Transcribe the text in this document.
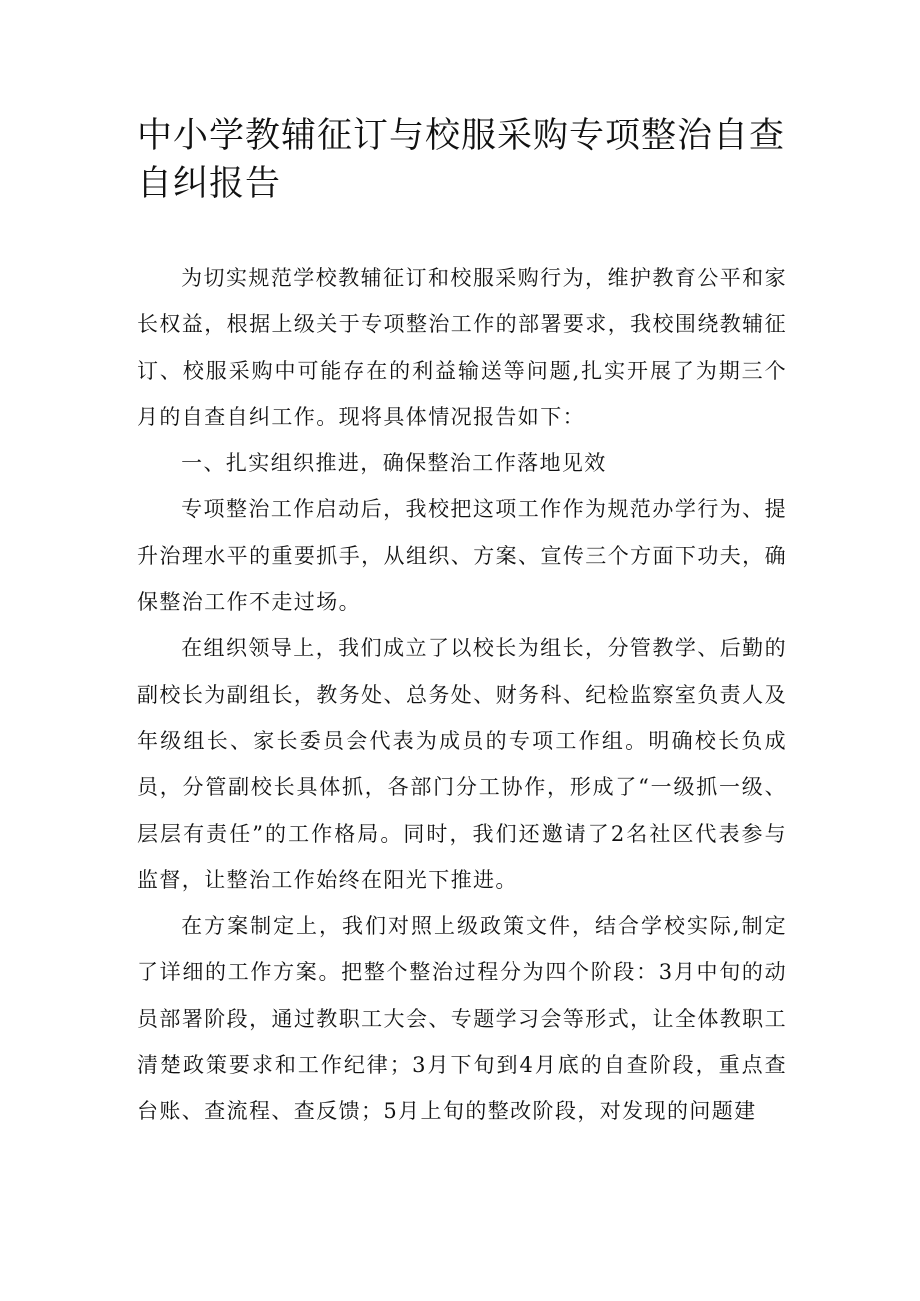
中小学教辅征订与校服采购专项整治自查自纠报告

为切实规范学校教辅征订和校服采购行为，维护教育公平和家长权益，根据上级关于专项整治工作的部署要求，我校围绕教辅征订、校服采购中可能存在的利益输送等问题,扎实开展了为期三个月的自查自纠工作。现将具体情况报告如下：

一、扎实组织推进，确保整治工作落地见效

专项整治工作启动后，我校把这项工作作为规范办学行为、提升治理水平的重要抓手，从组织、方案、宣传三个方面下功夫，确保整治工作不走过场。

在组织领导上，我们成立了以校长为组长，分管教学、后勤的副校长为副组长，教务处、总务处、财务科、纪检监察室负责人及年级组长、家长委员会代表为成员的专项工作组。明确校长负成员，分管副校长具体抓，各部门分工协作，形成了“一级抓一级、层层有责任”的工作格局。同时，我们还邀请了2名社区代表参与监督，让整治工作始终在阳光下推进。

在方案制定上，我们对照上级政策文件，结合学校实际,制定了详细的工作方案。把整个整治过程分为四个阶段：3月中旬的动员部署阶段，通过教职工大会、专题学习会等形式，让全体教职工清楚政策要求和工作纪律；3月下旬到4月底的自查阶段，重点查台账、查流程、查反馈；5月上旬的整改阶段，对发现的问题建
